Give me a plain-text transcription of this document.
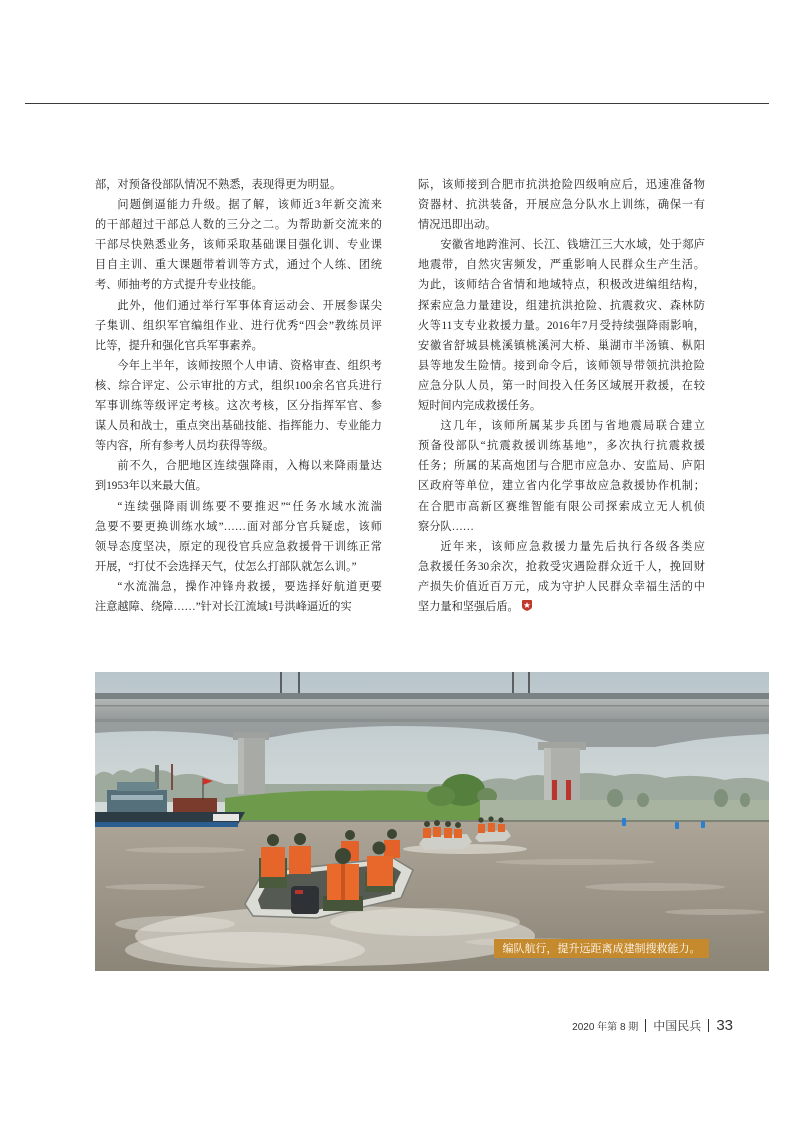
部，对预备役部队情况不熟悉，表现得更为明显。
问题倒逼能力升级。据了解，该师近3年新交流来
的干部超过干部总人数的三分之二。为帮助新交流来的
干部尽快熟悉业务，该师采取基础课目强化训、专业课
目自主训、重大课题带着训等方式，通过个人练、团统
考、师抽考的方式提升专业技能。
此外，他们通过举行军事体育运动会、开展参谋尖
子集训、组织军官编组作业、进行优秀“四会”教练员评
比等，提升和强化官兵军事素养。
今年上半年，该师按照个人申请、资格审查、组织考
核、综合评定、公示审批的方式，组织100余名官兵进行
军事训练等级评定考核。这次考核，区分指挥军官、参
谋人员和战士，重点突出基础技能、指挥能力、专业能力
等内容，所有参考人员均获得等级。
前不久，合肥地区连续强降雨，入梅以来降雨量达
到1953年以来最大值。
“连续强降雨训练要不要推迟”“任务水域水流湍
急要不要更换训练水域”……面对部分官兵疑虑，该师
领导态度坚决，原定的现役官兵应急救援骨干训练正常
开展，“打仗不会选择天气，仗怎么打部队就怎么训。”
“水流湍急，操作冲锋舟救援，要选择好航道更要
注意越障、绕障……”针对长江流域1号洪峰逼近的实
际，该师接到合肥市抗洪抢险四级响应后，迅速准备物
资器材、抗洪装备，开展应急分队水上训练，确保一有
情况迅即出动。
安徽省地跨淮河、长江、钱塘江三大水域，处于郯庐
地震带，自然灾害频发，严重影响人民群众生产生活。
为此，该师结合省情和地域特点，积极改进编组结构，
探索应急力量建设，组建抗洪抢险、抗震救灾、森林防
火等11支专业救援力量。2016年7月受持续强降雨影响，
安徽省舒城县桃溪镇桃溪河大桥、巢湖市半汤镇、枞阳
县等地发生险情。接到命令后，该师领导带领抗洪抢险
应急分队人员，第一时间投入任务区域展开救援，在较
短时间内完成救援任务。
这几年，该师所属某步兵团与省地震局联合建立
预备役部队“抗震救援训练基地”，多次执行抗震救援
任务；所属的某高炮团与合肥市应急办、安监局、庐阳
区政府等单位，建立省内化学事故应急救援协作机制；
在合肥市高新区赛维智能有限公司探索成立无人机侦
察分队……
近年来，该师应急救援力量先后执行各级各类应
急救援任务30余次，抢救受灾遇险群众近千人，挽回财
产损失价值近百万元，成为守护人民群众幸福生活的中
坚力量和坚强后盾。
编队航行，提升远距离成建制搜救能力。
2020 年第 8 期 中国民兵 33
